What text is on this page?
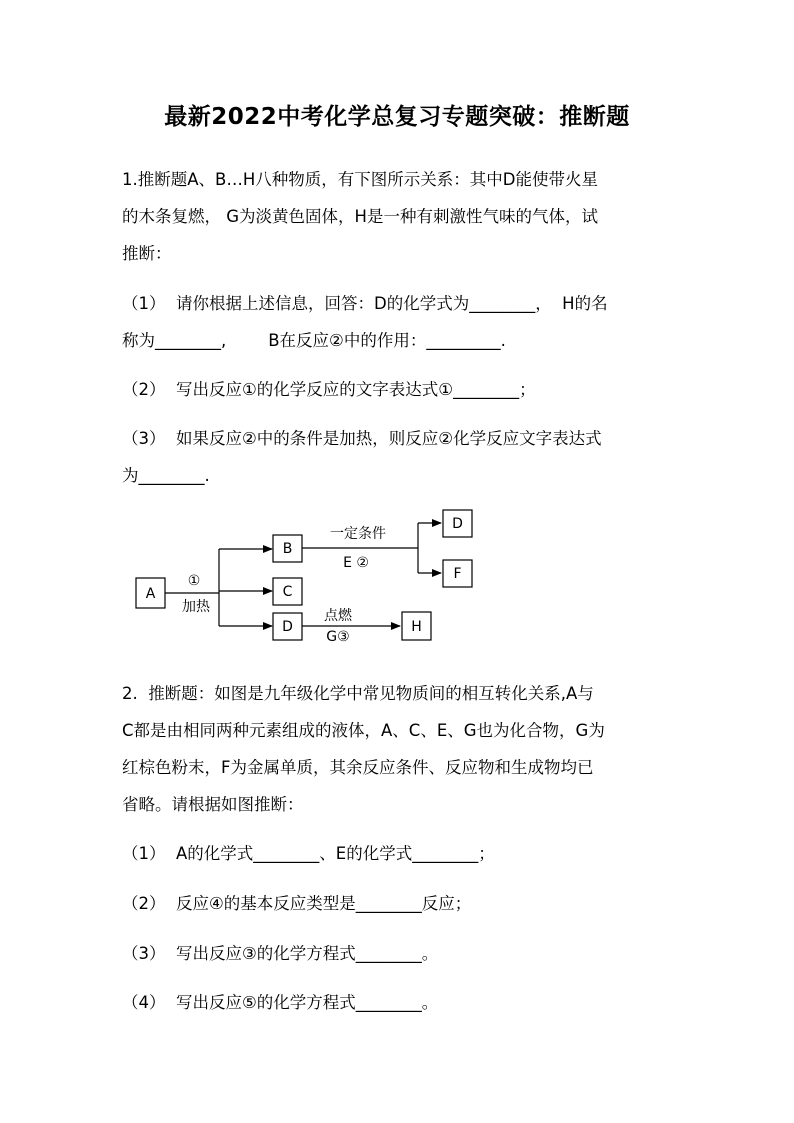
最新2022中考化学总复习专题突破：推断题
1.推断题A、B…H八种物质，有下图所示关系：其中D能使带火星
的木条复燃， G为淡黄色固体，H是一种有刺激性气味的气体，试
推断：
（1）  请你根据上述信息，回答：D的化学式为________，  H的名
称为________,        B在反应②中的作用：_________.
（2）  写出反应①的化学反应的文字表达式①________；
（3）  如果反应②中的条件是加热，则反应②化学反应文字表达式
为________.
A
B
C
D
D
F
H
①
加热
一定条件
E ②
点燃
G③
2.  推断题：如图是九年级化学中常见物质间的相互转化关系,A与
C都是由相同两种元素组成的液体，A、C、E、G也为化合物，G为
红棕色粉末，F为金属单质，其余反应条件、反应物和生成物均已
省略。请根据如图推断：
（1）  A的化学式________、E的化学式________；
（2）  反应④的基本反应类型是________反应；
（3）  写出反应③的化学方程式________。
（4）  写出反应⑤的化学方程式________。
